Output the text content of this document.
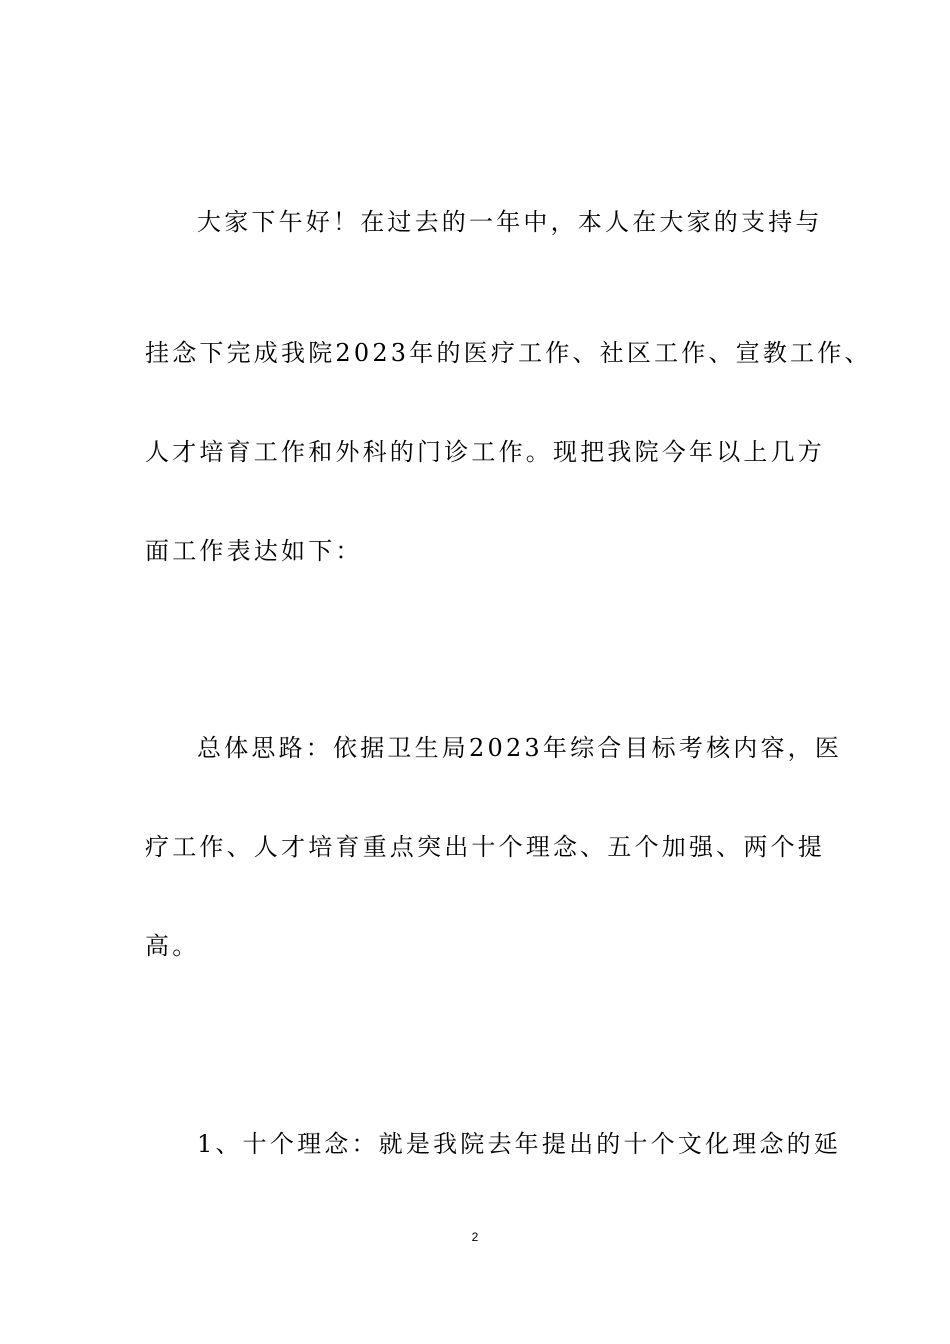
大家下午好！在过去的一年中，本人在大家的支持与
挂念下完成我院2023年的医疗工作、社区工作、宣教工作、
人才培育工作和外科的门诊工作。现把我院今年以上几方
面工作表达如下：
总体思路：依据卫生局2023年综合目标考核内容，医
疗工作、人才培育重点突出十个理念、五个加强、两个提
高。
1、十个理念：就是我院去年提出的十个文化理念的延
2
